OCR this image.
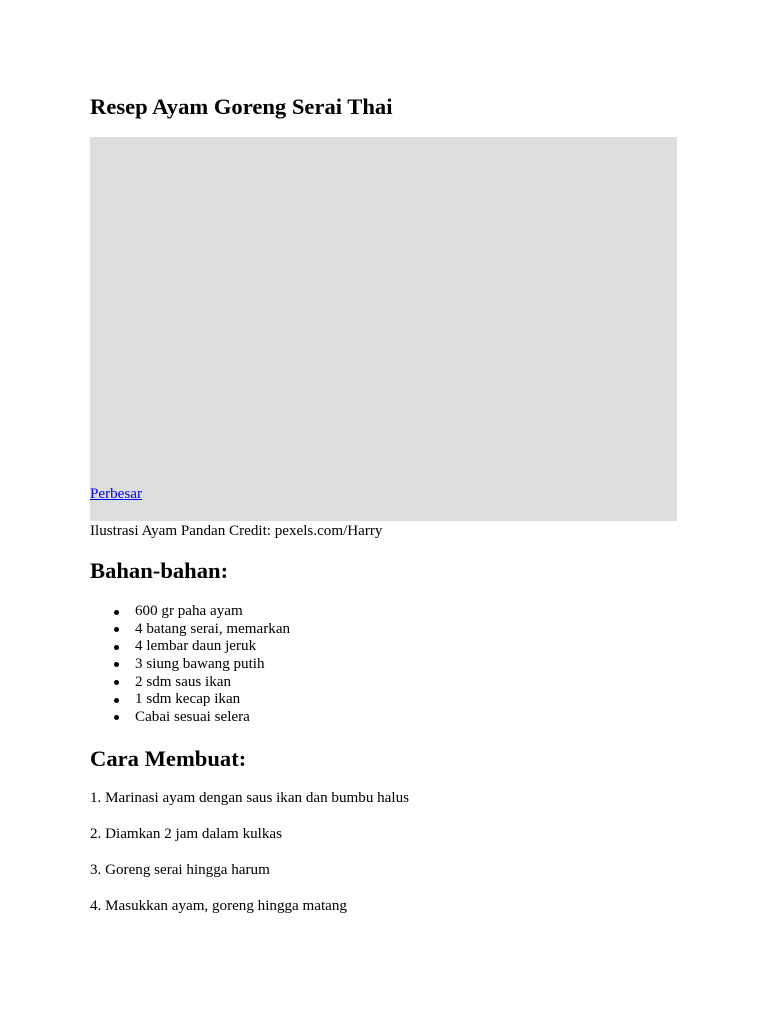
Resep Ayam Goreng Serai Thai
Perbesar
Ilustrasi Ayam Pandan Credit: pexels.com/Harry
Bahan-bahan:
600 gr paha ayam
4 batang serai, memarkan
4 lembar daun jeruk
3 siung bawang putih
2 sdm saus ikan
1 sdm kecap ikan
Cabai sesuai selera
Cara Membuat:

1. Marinasi ayam dengan saus ikan dan bumbu halus

2. Diamkan 2 jam dalam kulkas

3. Goreng serai hingga harum

4. Masukkan ayam, goreng hingga matang
